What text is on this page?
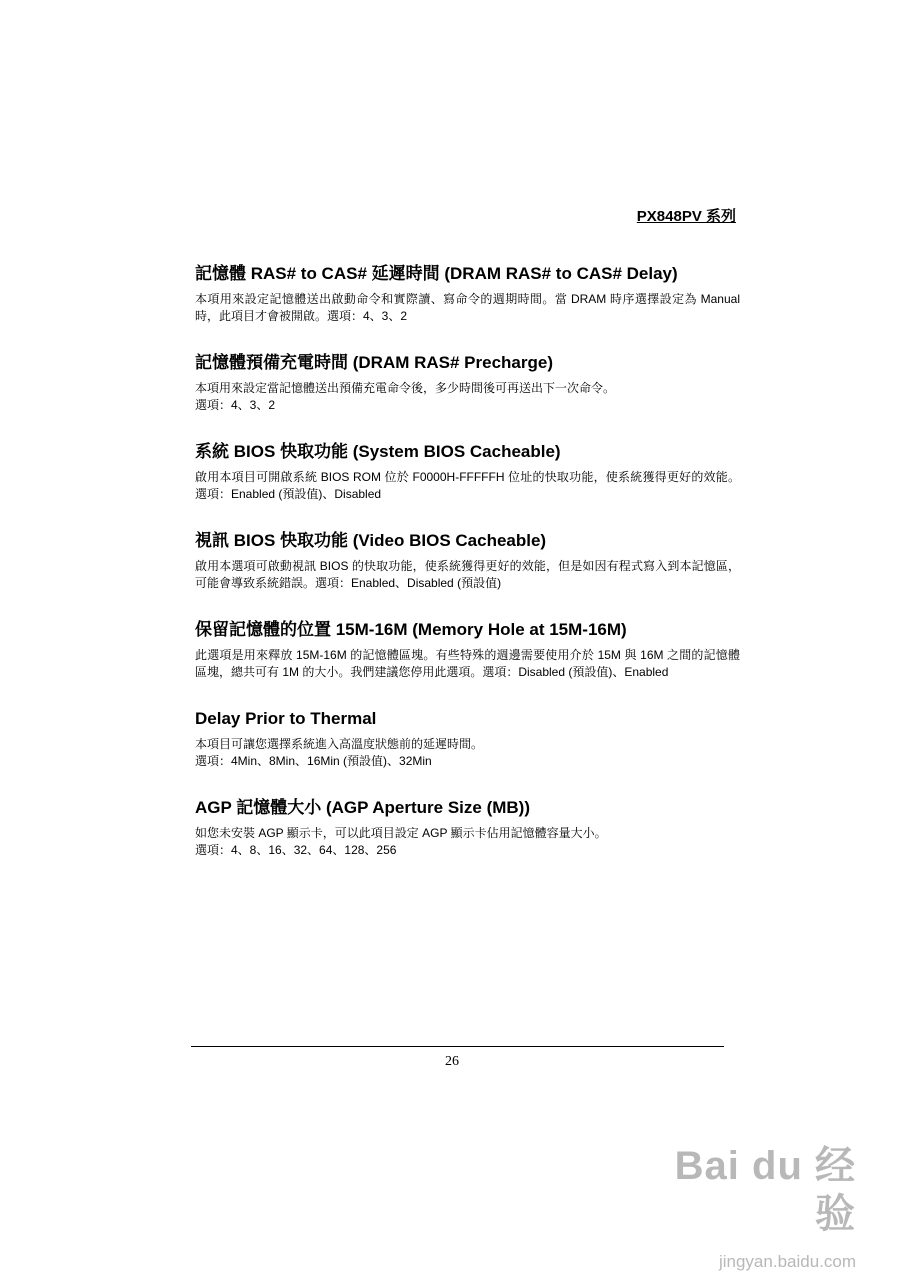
PX848PV 系列
記憶體 RAS# to CAS# 延遲時間 (DRAM RAS# to CAS# Delay)

本項用來設定記憶體送出啟動命令和實際讀、寫命令的週期時間。當 DRAM 時序選擇設定為 Manual 時，此項目才會被開啟。選項：4、3、2

記憶體預備充電時間 (DRAM RAS# Precharge)

本項用來設定當記憶體送出預備充電命令後，多少時間後可再送出下一次命令。

選項：4、3、2

系統 BIOS 快取功能 (System BIOS Cacheable)

啟用本項目可開啟系統 BIOS ROM 位於 F0000H-FFFFFH 位址的快取功能，使系統獲得更好的效能。選項：Enabled (預設值)、Disabled

視訊 BIOS 快取功能 (Video BIOS Cacheable)

啟用本選項可啟動視訊 BIOS 的快取功能，使系統獲得更好的效能，但是如因有程式寫入到本記憶區，可能會導致系統錯誤。選項：Enabled、Disabled (預設值)

保留記憶體的位置 15M-16M (Memory Hole at 15M-16M)

此選項是用來釋放 15M-16M 的記憶體區塊。有些特殊的週邊需要使用介於 15M 與 16M 之間的記憶體區塊，總共可有 1M 的大小。我們建議您停用此選項。選項：Disabled (預設值)、Enabled

Delay Prior to Thermal

本項目可讓您選擇系統進入高溫度狀態前的延遲時間。

選項：4Min、8Min、16Min (預設值)、32Min

AGP 記憶體大小 (AGP Aperture Size (MB))

如您未安裝 AGP 顯示卡，可以此項目設定 AGP 顯示卡佔用記憶體容量大小。

選項：4、8、16、32、64、128、256

26
Bai du 经验
jingyan.baidu.com
